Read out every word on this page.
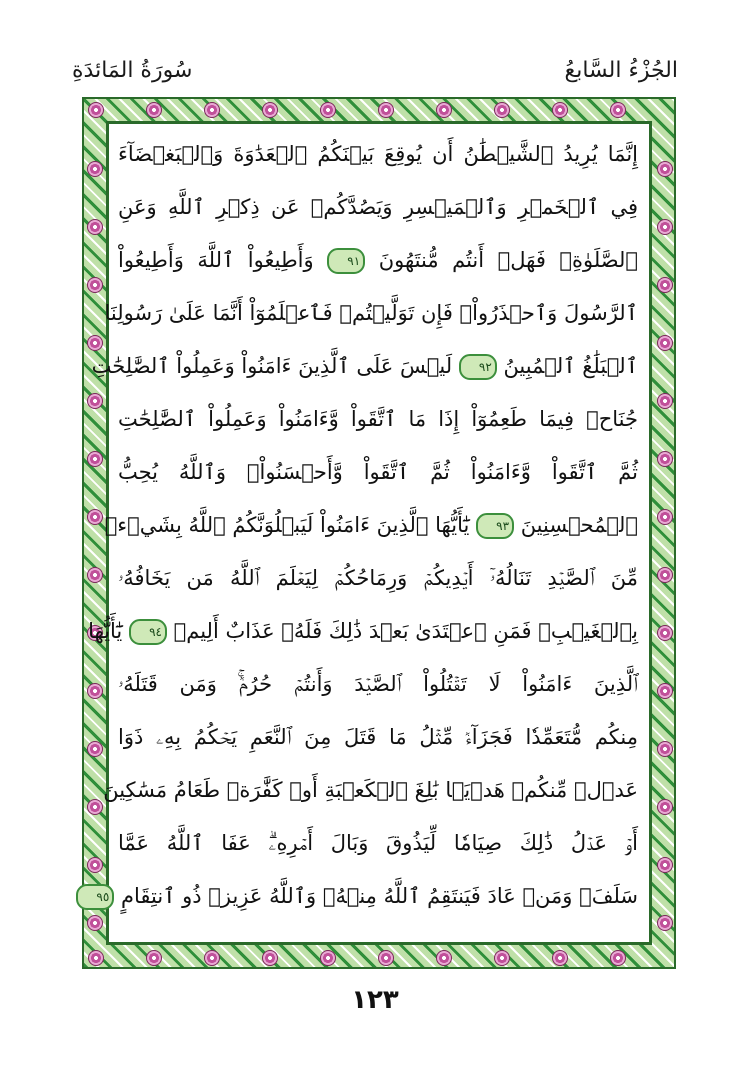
سُورَةُ المَائدَةِ	الجُزْءُ السَّابعُ
إِنَّمَا يُرِيدُ ٱلشَّيۡطَٰنُ أَن يُوقِعَ بَيۡنَكُمُ ٱلۡعَدَٰوَةَ وَٱلۡبَغۡضَآءَ
فِي ٱلۡخَمۡرِ وَٱلۡمَيۡسِرِ وَيَصُدَّكُمۡ عَن ذِكۡرِ ٱللَّهِ وَعَنِ
ٱلصَّلَوٰةِۖ فَهَلۡ أَنتُم مُّنتَهُونَ ٩١ وَأَطِيعُواْ ٱللَّهَ وَأَطِيعُواْ
ٱلرَّسُولَ وَٱحۡذَرُواْۚ فَإِن تَوَلَّيۡتُمۡ فَٱعۡلَمُوٓاْ أَنَّمَا عَلَىٰ رَسُولِنَا
ٱلۡبَلَٰغُ ٱلۡمُبِينُ ٩٢ لَيۡسَ عَلَى ٱلَّذِينَ ءَامَنُواْ وَعَمِلُواْ ٱلصَّٰلِحَٰتِ
جُنَاحٞ فِيمَا طَعِمُوٓاْ إِذَا مَا ٱتَّقَواْ وَّءَامَنُواْ وَعَمِلُواْ ٱلصَّٰلِحَٰتِ
ثُمَّ ٱتَّقَواْ وَّءَامَنُواْ ثُمَّ ٱتَّقَواْ وَّأَحۡسَنُواْۚ وَٱللَّهُ يُحِبُّ
ٱلۡمُحۡسِنِينَ ٩٣ يَٰٓأَيُّهَا ٱلَّذِينَ ءَامَنُواْ لَيَبۡلُوَنَّكُمُ ٱللَّهُ بِشَيۡءٖ
مِّنَ ٱلصَّيۡدِ تَنَالُهُۥٓ أَيۡدِيكُمۡ وَرِمَاحُكُمۡ لِيَعۡلَمَ ٱللَّهُ مَن يَخَافُهُۥ
بِٱلۡغَيۡبِۚ فَمَنِ ٱعۡتَدَىٰ بَعۡدَ ذَٰلِكَ فَلَهُۥ عَذَابٌ أَلِيمٞ ٩٤ يَٰٓأَيُّهَا
ٱلَّذِينَ ءَامَنُواْ لَا تَقۡتُلُواْ ٱلصَّيۡدَ وَأَنتُمۡ حُرُمٞۚ وَمَن قَتَلَهُۥ
مِنكُم مُّتَعَمِّدٗا فَجَزَآءٞ مِّثۡلُ مَا قَتَلَ مِنَ ٱلنَّعَمِ يَحۡكُمُ بِهِۦ ذَوَا
عَدۡلٖ مِّنكُمۡ هَدۡيَۢا بَٰلِغَ ٱلۡكَعۡبَةِ أَوۡ كَفَّٰرَةٞ طَعَامُ مَسَٰكِينَ
أَوۡ عَدۡلُ ذَٰلِكَ صِيَامٗا لِّيَذُوقَ وَبَالَ أَمۡرِهِۦۗ عَفَا ٱللَّهُ عَمَّا
سَلَفَۚ وَمَنۡ عَادَ فَيَنتَقِمُ ٱللَّهُ مِنۡهُۚ وَٱللَّهُ عَزِيزٞ ذُو ٱنتِقَامٍ ٩٥
١٢٣
